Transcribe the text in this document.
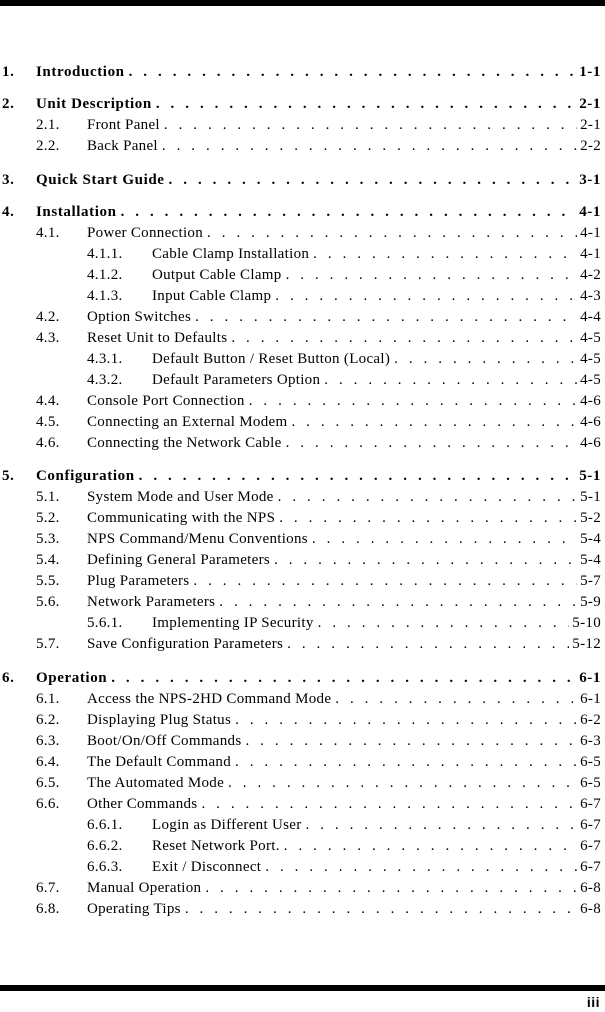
1. Introduction . . .	1-1
2. Unit Description . . .	2-1
2.1. Front Panel . . .	2-1
2.2. Back Panel . . .	2-2
3. Quick Start Guide . . .	3-1
4. Installation . . .	4-1
4.1. Power Connection . . .	4-1
4.1.1. Cable Clamp Installation . . .	4-1
4.1.2. Output Cable Clamp . . .	4-2
4.1.3. Input Cable Clamp . . .	4-3
4.2. Option Switches . . .	4-4
4.3. Reset Unit to Defaults . . .	4-5
4.3.1. Default Button / Reset Button (Local) . . .	4-5
4.3.2. Default Parameters Option . . .	4-5
4.4. Console Port Connection . . .	4-6
4.5. Connecting an External Modem . . .	4-6
4.6. Connecting the Network Cable . . .	4-6
5. Configuration . . .	5-1
5.1. System Mode and User Mode . . .	5-1
5.2. Communicating with the NPS . . .	5-2
5.3. NPS Command/Menu Conventions . . .	5-4
5.4. Defining General Parameters . . .	5-4
5.5. Plug Parameters . . .	5-7
5.6. Network Parameters . . .	5-9
5.6.1. Implementing IP Security . . .	5-10
5.7. Save Configuration Parameters . . .	5-12
6. Operation . . .	6-1
6.1. Access the NPS-2HD Command Mode . . .	6-1
6.2. Displaying Plug Status . . .	6-2
6.3. Boot/On/Off Commands . . .	6-3
6.4. The Default Command . . .	6-5
6.5. The Automated Mode . . .	6-5
6.6. Other Commands . . .	6-7
6.6.1. Login as Different User . . .	6-7
6.6.2. Reset Network Port. . . .	6-7
6.6.3. Exit / Disconnect . . .	6-7
6.7. Manual Operation . . .	6-8
6.8. Operating Tips . . .	6-8
iii
